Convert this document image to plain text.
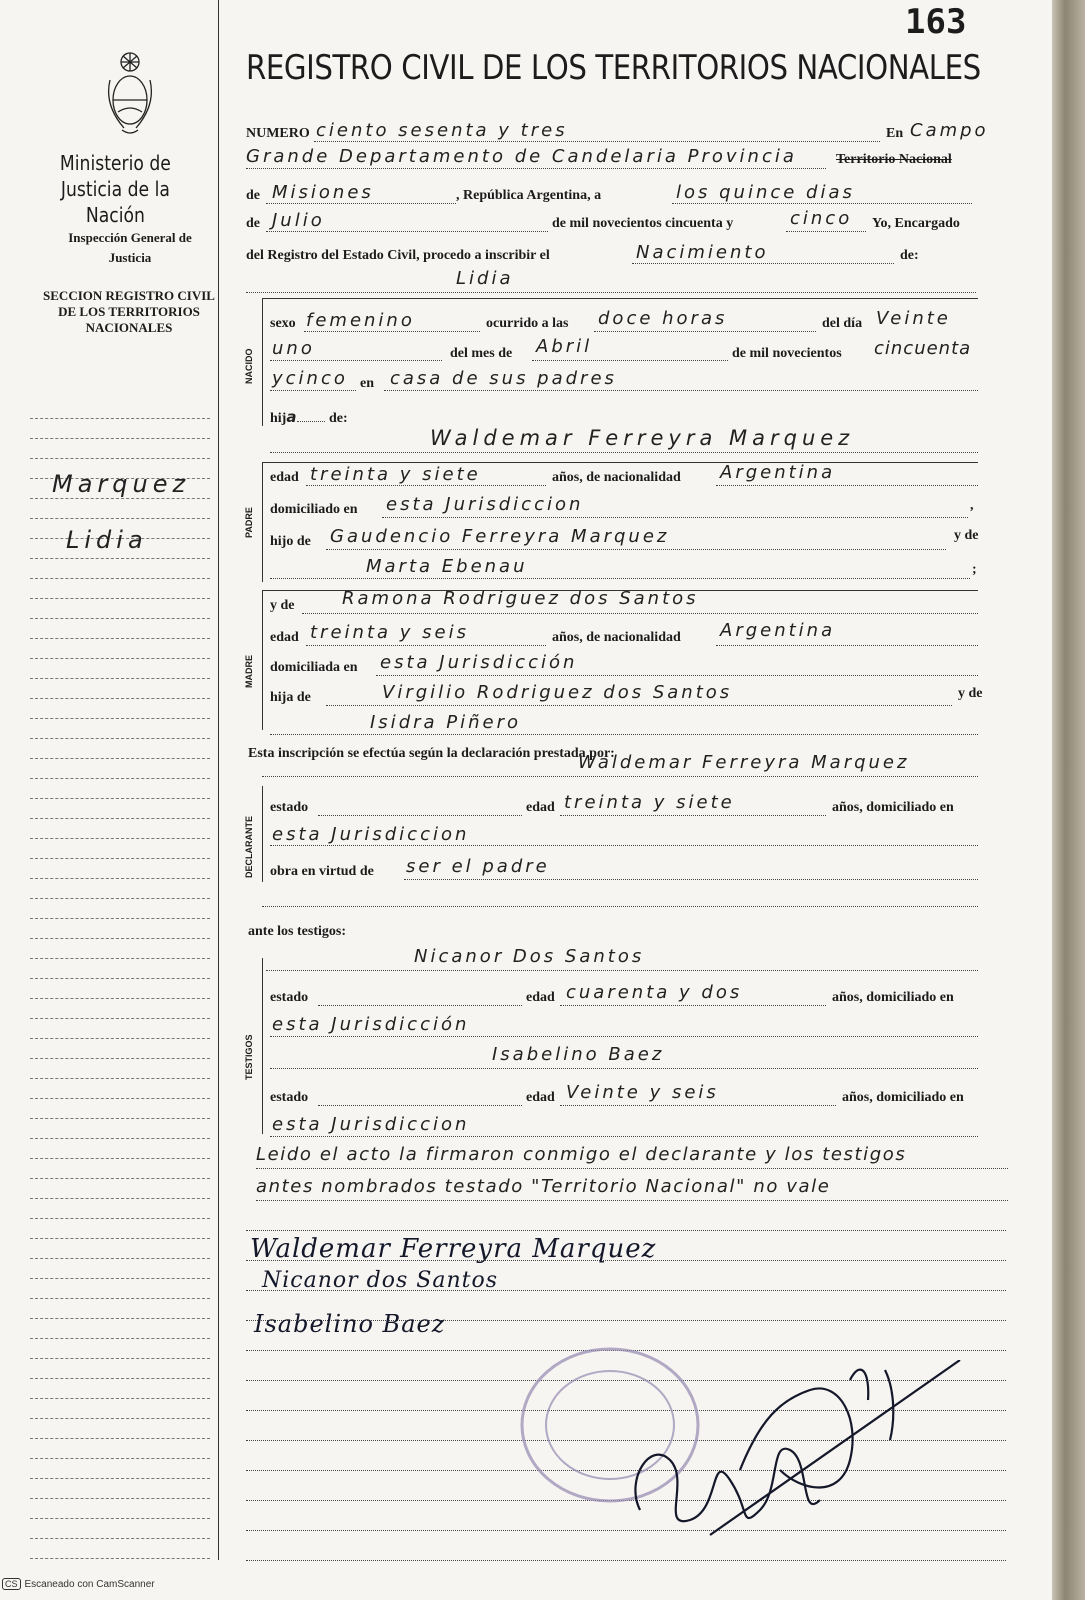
Ministerio de Justicia de la Nación
Inspección General de Justicia
SECCION REGISTRO CIVIL DE LOS TERRITORIOS NACIONALES
Marquez
Lidia
163
REGISTRO CIVIL DE LOS TERRITORIOS NACIONALES
NUMERO ciento sesenta y tres	En Campo
Grande Departamento de Candelaria Provincia	Territorio Nacional
de Misiones	, República Argentina, a	los quince dias
de Julio	de mil novecientos cincuenta y	cinco Yo, Encargado
del Registro del Estado Civil, procedo a inscribir el	Nacimiento	de:
Lidia
NACIDO
sexo femenino	ocurrido a las doce horas	del día Veinte
uno	del mes de Abril	de mil novecientos cincuenta
ycinco en casa de sus padres
hija de:
PADRE
Waldemar Ferreyra Marquez
edad treinta y siete	años, de nacionalidad Argentina
domiciliado en esta Jurisdiccion	,
hijo de Gaudencio Ferreyra Marquez	y de
Marta Ebenau	;
MADRE
y de	Ramona Rodriguez dos Santos
edad treinta y seis	años, de nacionalidad Argentina
domiciliada en esta Jurisdicción
hija de	Virgilio Rodriguez dos Santos	y de
Isidra Piñero
Esta inscripción se efectúa según la declaración prestada por:
Waldemar Ferreyra Marquez
DECLARANTE
estado	edad treinta y siete	años, domiciliado en
esta Jurisdiccion
obra en virtud de ser el padre
ante los testigos:
Nicanor Dos Santos
TESTIGOS
estado	edad cuarenta y dos	años, domiciliado en
esta Jurisdicción
Isabelino Baez
estado	edad Veinte y seis	años, domiciliado en
esta Jurisdiccion
Leido el acto la firmaron conmigo el declarante y los testigos
antes nombrados testado "Territorio Nacional" no vale
Waldemar Ferreyra Marquez
Nicanor dos Santos
Isabelino Baez
CS Escaneado con CamScanner
